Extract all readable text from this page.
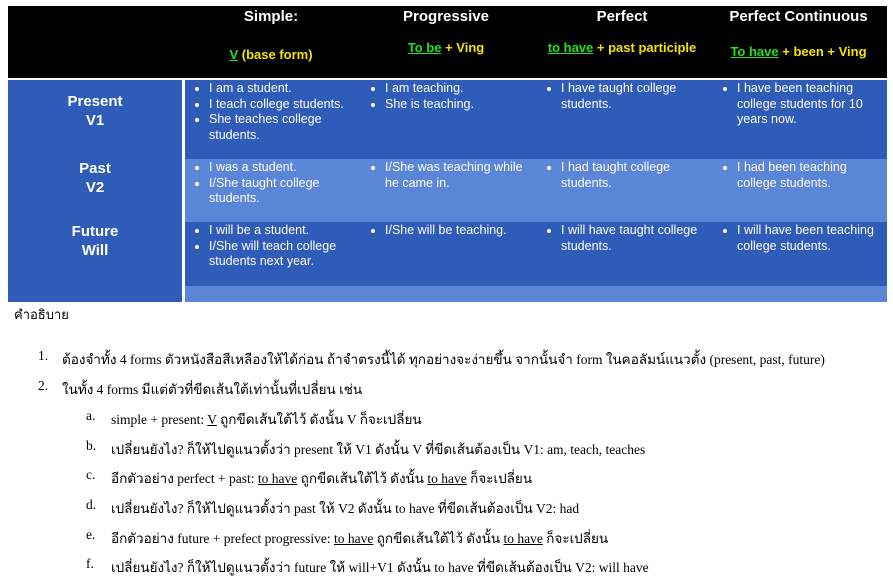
Simple:
V (base form)
Progressive
To be + Ving
Perfect
to have + past participle
Perfect Continuous
To have + been + Ving
Present
V1
Past
V2
Future
Will
• I am a student.
• I teach college students.
• She teaches college students.
• I am teaching.
• She is teaching.
• I have taught college students.
• I have been teaching college students for 10 years now.
• I was a student.
• I/She taught college students.
• I/She was teaching while he came in.
• I had taught college students.
• I had been teaching college students.
• I will be a student.
• I/She will teach college students next year.
• I/She will be teaching.
•	I will have taught college students.
• I will have been teaching college students.
คำอธิบาย
1. ต้องจำทั้ง 4 forms ตัวหนังสือสีเหลืองให้ได้ก่อน ถ้าจำตรงนี้ได้ ทุกอย่างจะง่ายขึ้น จากนั้นจำ form ในคอลัมน์แนวตั้ง (present, past, future)
2. ในทั้ง 4 forms มีแต่ตัวที่ขีดเส้นใต้เท่านั้นที่เปลี่ยน เช่น
a. simple + present: V ถูกขีดเส้นใต้ไว้ ดังนั้น V ก็จะเปลี่ยน
b. เปลี่ยนยังไง? ก็ให้ไปดูแนวตั้งว่า present ให้ V1 ดังนั้น V ที่ขีดเส้นต้องเป็น V1: am, teach, teaches
c. อีกตัวอย่าง perfect + past: to have ถูกขีดเส้นใต้ไว้ ดังนั้น to have ก็จะเปลี่ยน
d. เปลี่ยนยังไง? ก็ให้ไปดูแนวตั้งว่า past ให้ V2 ดังนั้น to have ที่ขีดเส้นต้องเป็น V2: had
e. อีกตัวอย่าง future + prefect progressive: to have ถูกขีดเส้นใต้ไว้ ดังนั้น to have ก็จะเปลี่ยน
f. เปลี่ยนยังไง? ก็ให้ไปดูแนวตั้งว่า future ให้ will+V1 ดังนั้น to have ที่ขีดเส้นต้องเป็น V2: will have
